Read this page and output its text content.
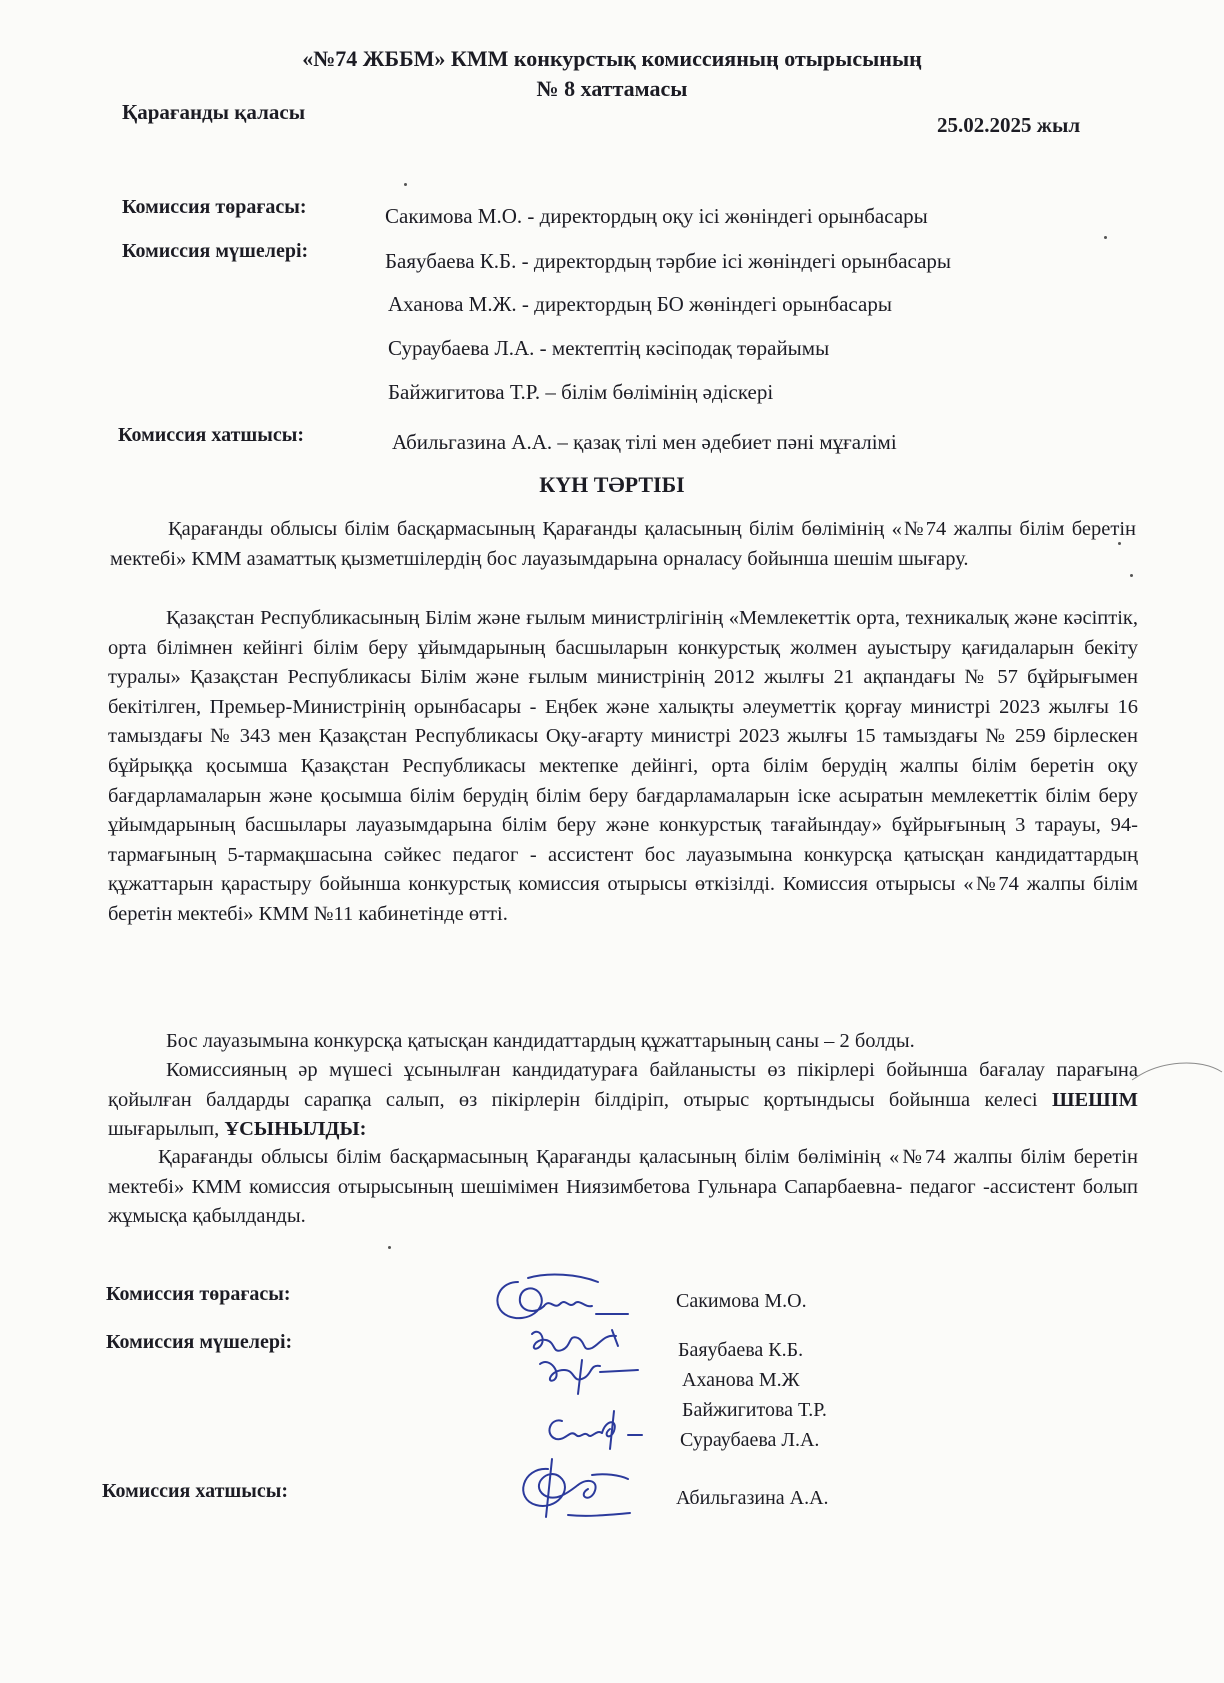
«№74 ЖББМ» КММ конкурстық комиссияның отырысының
№ 8 хаттамасы
Қарағанды қаласы
25.02.2025 жыл
Комиссия төрағасы:	Сакимова М.О. - директордың оқу ісі жөніндегі орынбасары
Комиссия мүшелері:	Баяубаева К.Б. - директордың тәрбие ісі жөніндегі орынбасары
Аханова М.Ж. - директордың БО жөніндегі орынбасары
Сураубаева Л.А. - мектептің кәсіподақ төрайымы
Байжигитова Т.Р. – білім бөлімінің әдіскері
Комиссия хатшысы:	Абильгазина А.А. – қазақ тілі мен әдебиет пәні мұғалімі
КҮН ТӘРТІБІ
Қарағанды облысы білім басқармасының Қарағанды қаласының білім бөлімінің «№74 жалпы білім беретін мектебі» КММ азаматтық қызметшілердің бос лауазымдарына орналасу бойынша шешім шығару.
Қазақстан Республикасының Білім және ғылым министрлігінің «Мемлекеттік орта, техникалық және кәсіптік, орта білімнен кейінгі білім беру ұйымдарының басшыларын конкурстық жолмен ауыстыру қағидаларын бекіту туралы» Қазақстан Республикасы Білім және ғылым министрінің 2012 жылғы 21 ақпандағы № 57 бұйрығымен бекітілген, Премьер-Министрінің орынбасары - Еңбек және халықты әлеуметтік қорғау министрі 2023 жылғы 16 тамыздағы № 343 мен Қазақстан Республикасы Оқу-ағарту министрі 2023 жылғы 15 тамыздағы № 259 бірлескен бұйрыққа қосымша Қазақстан Республикасы мектепке дейінгі, орта білім берудің жалпы білім беретін оқу бағдарламаларын және қосымша білім берудің білім беру бағдарламаларын іске асыратын мемлекеттік білім беру ұйымдарының басшылары лауазымдарына білім беру және конкурстық тағайындау» бұйрығының 3 тарауы, 94-тармағының 5-тармақшасына сәйкес педагог - ассистент бос лауазымына конкурсқа қатысқан кандидаттардың құжаттарын қарастыру бойынша конкурстық комиссия отырысы өткізілді. Комиссия отырысы «№74 жалпы білім беретін мектебі» КММ №11 кабинетінде өтті.
Бос лауазымына конкурсқа қатысқан кандидаттардың құжаттарының саны – 2 болды.
Комиссияның әр мүшесі ұсынылған кандидатураға байланысты өз пікірлері бойынша бағалау парағына қойылған балдарды сарапқа салып, өз пікірлерін білдіріп, отырыс қортындысы бойынша келесі ШЕШІМ шығарылып, ҰСЫНЫЛДЫ:
Қарағанды облысы білім басқармасының Қарағанды қаласының білім бөлімінің «№74 жалпы білім беретін мектебі» КММ комиссия отырысының шешімімен Ниязимбетова Гульнара Сапарбаевна- педагог -ассистент болып жұмысқа қабылданды.
Комиссия төрағасы:	Сакимова М.О.
Комиссия мүшелері:	Баяубаева К.Б.
Аханова М.Ж
Байжигитова Т.Р.
Сураубаева Л.А.
Комиссия хатшысы:	Абильгазина А.А.
